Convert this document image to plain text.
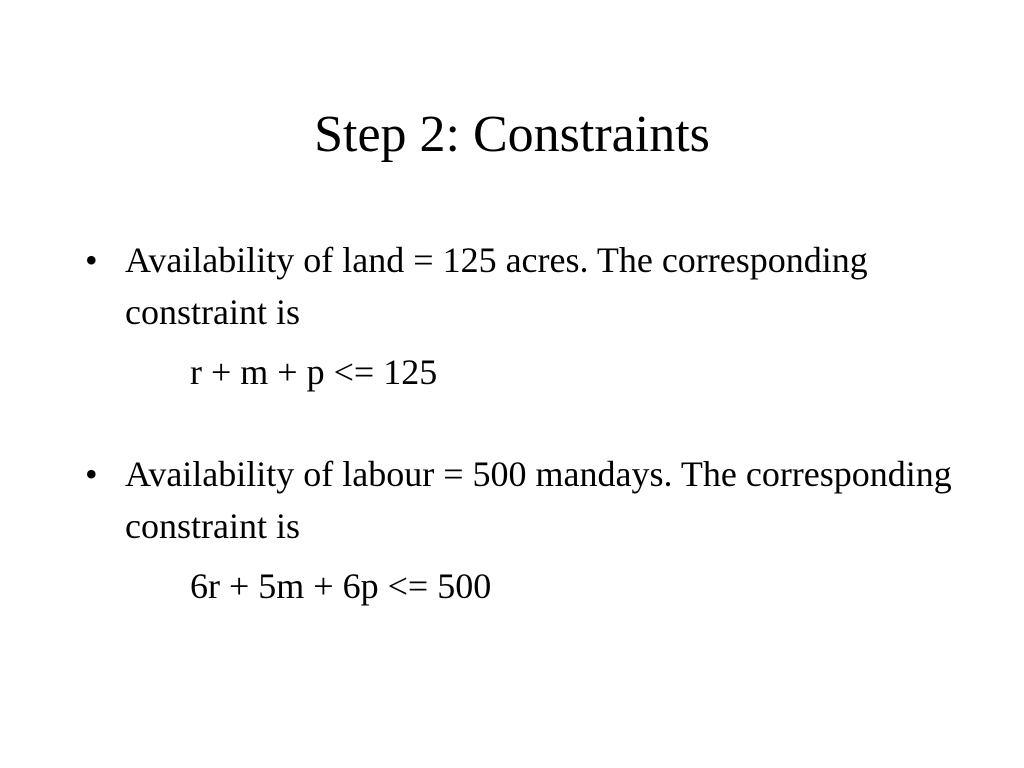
Step 2: Constraints
• Availability of land = 125 acres. The corresponding constraint is
r + m + p <= 125
• Availability of labour = 500 mandays. The corresponding constraint is
6r + 5m + 6p <= 500
